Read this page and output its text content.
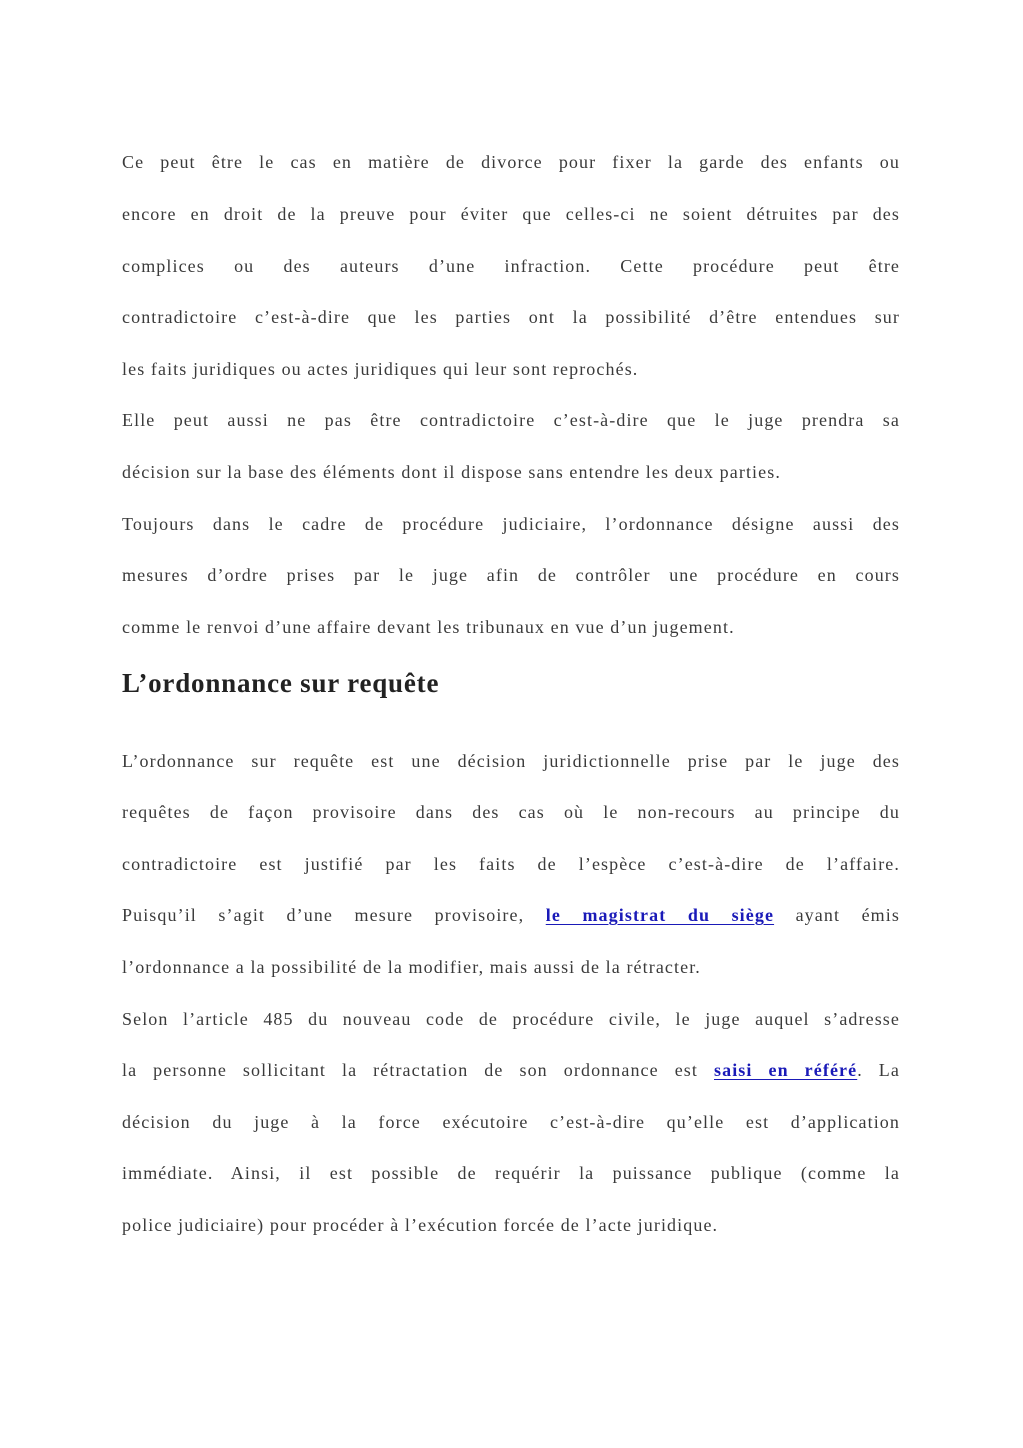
Ce peut être le cas en matière de divorce pour fixer la garde des enfants ou
encore en droit de la preuve pour éviter que celles-ci ne soient détruites par des
complices ou des auteurs d’une infraction. Cette procédure peut être
contradictoire c’est-à-dire que les parties ont la possibilité d’être entendues sur
les faits juridiques ou actes juridiques qui leur sont reprochés.
Elle peut aussi ne pas être contradictoire c’est-à-dire que le juge prendra sa
décision sur la base des éléments dont il dispose sans entendre les deux parties.
Toujours dans le cadre de procédure judiciaire, l’ordonnance désigne aussi des
mesures d’ordre prises par le juge afin de contrôler une procédure en cours
comme le renvoi d’une affaire devant les tribunaux en vue d’un jugement.
L’ordonnance sur requête
L’ordonnance sur requête est une décision juridictionnelle prise par le juge des
requêtes de façon provisoire dans des cas où le non-recours au principe du
contradictoire est justifié par les faits de l’espèce c’est-à-dire de l’affaire.
Puisqu’il s’agit d’une mesure provisoire, le magistrat du siège ayant émis
l’ordonnance a la possibilité de la modifier, mais aussi de la rétracter.
Selon l’article 485 du nouveau code de procédure civile, le juge auquel s’adresse
la personne sollicitant la rétractation de son ordonnance est saisi en référé. La
décision du juge à la force exécutoire c’est-à-dire qu’elle est d’application
immédiate. Ainsi, il est possible de requérir la puissance publique (comme la
police judiciaire) pour procéder à l’exécution forcée de l’acte juridique.
